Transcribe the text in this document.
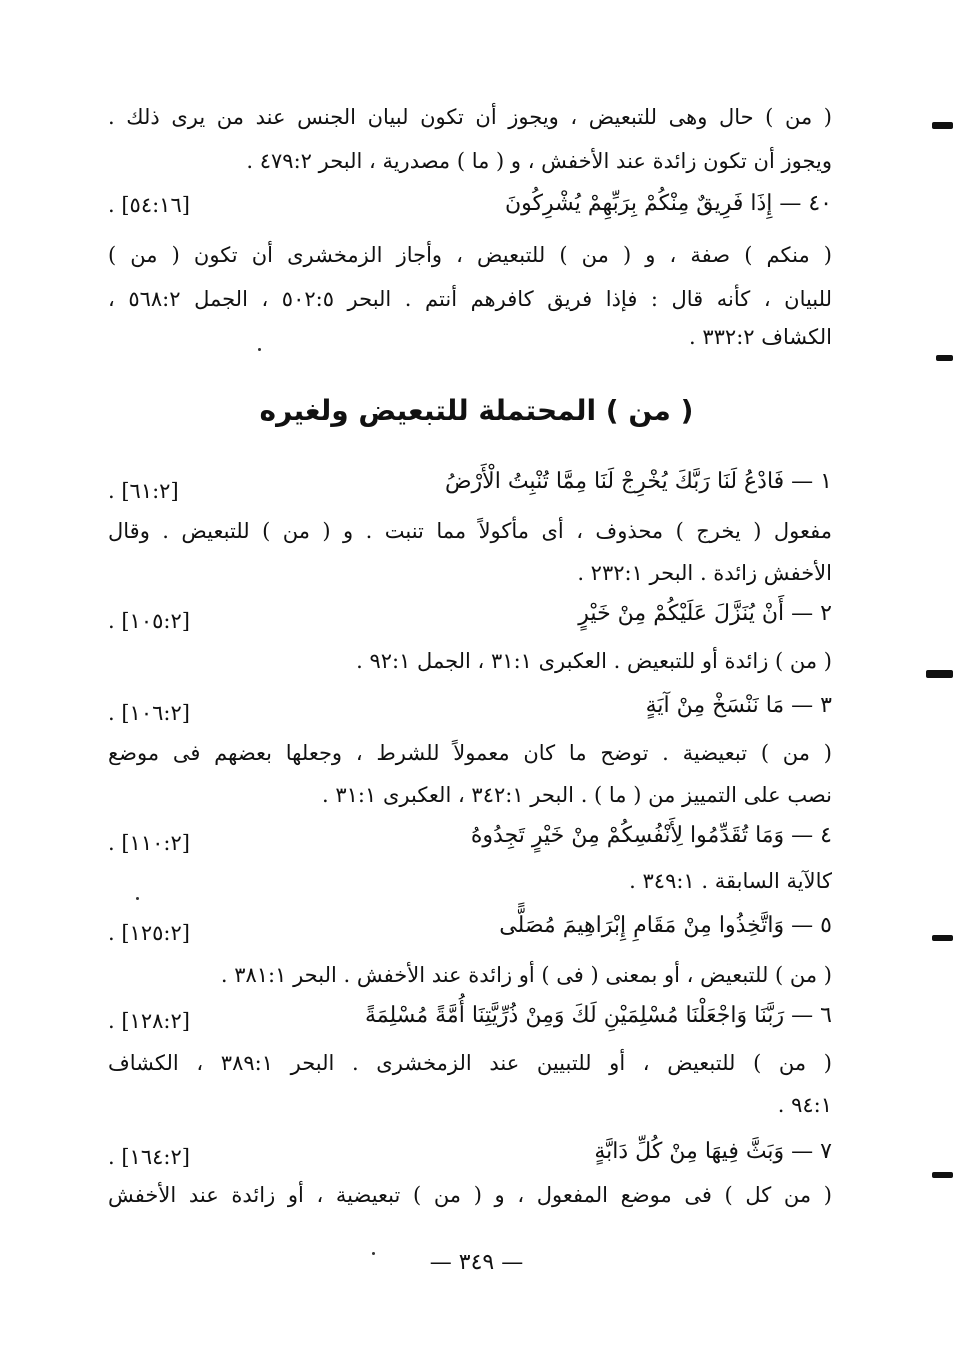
( من ) حال وهى للتبعيض ، ويجوز أن تكون لبيان الجنس عند من يرى ذلك .
ويجوز أن تكون زائدة عند الأخفش ، و ( ما ) مصدرية ، البحر ٤٧٩:٢ .
٤٠ — إِذَا فَرِيقٌ مِنْكُمْ بِرَبِّهِمْ يُشْرِكُونَ
[٥٤:١٦] .
( منكم ) صفة ، و ( من ) للتبعيض ، وأجاز الزمخشرى أن تكون ( من )
للبيان ، كأنه قال : فإذا فريق كافرهم أنتم . البحر ٥٠٢:٥ ، الجمل ٥٦٨:٢ ،
الكشاف ٣٣٢:٢ .
( من ) المحتملة للتبعيض ولغيره
١ — فَادْعُ لَنَا رَبَّكَ يُخْرِجْ لَنَا مِمَّا تُنْبِتُ الْأَرْضُ
[٦١:٢] .
مفعول ( يخرج ) محذوف ، أى مأكولاً مما تنبت . و ( من ) للتبعيض . وقال
الأخفش زائدة . البحر ٢٣٢:١ .
٢ — أَنْ يُنَزَّلَ عَلَيْكُمْ مِنْ خَيْرٍ
[١٠٥:٢] .
( من ) زائدة أو للتبعيض . العكبرى ٣١:١ ، الجمل ٩٢:١ .
٣ — مَا نَنْسَخْ مِنْ آيَةٍ
[١٠٦:٢] .
( من ) تبعيضية . توضح ما كان معمولاً للشرط ، وجعلها بعضهم فى موضع
نصب على التمييز من ( ما ) . البحر ٣٤٢:١ ، العكبرى ٣١:١ .
٤ — وَمَا تُقَدِّمُوا لِأَنْفُسِكُمْ مِنْ خَيْرٍ تَجِدُوهُ
[١١٠:٢] .
كالآية السابقة . ٣٤٩:١ .
٥ — وَاتَّخِذُوا مِنْ مَقَامِ إِبْرَاهِيمَ مُصَلًّى
[١٢٥:٢] .
( من ) للتبعيض ، أو بمعنى ( فى ) أو زائدة عند الأخفش . البحر ٣٨١:١ .
٦ — رَبَّنَا وَاجْعَلْنَا مُسْلِمَيْنِ لَكَ وَمِنْ ذُرِّيَّتِنَا أُمَّةً مُسْلِمَةً
[١٢٨:٢] .
( من ) للتبعيض ، أو للتبيين عند الزمخشرى . البحر ٣٨٩:١ ، الكشاف
٩٤:١ .
٧ — وَبَثَّ فِيهَا مِنْ كُلِّ دَابَّةٍ
[١٦٤:٢] .
( من كل ) فى موضع المفعول ، و ( من ) تبعيضية ، أو زائدة عند الأخفش
— ٣٤٩ —
